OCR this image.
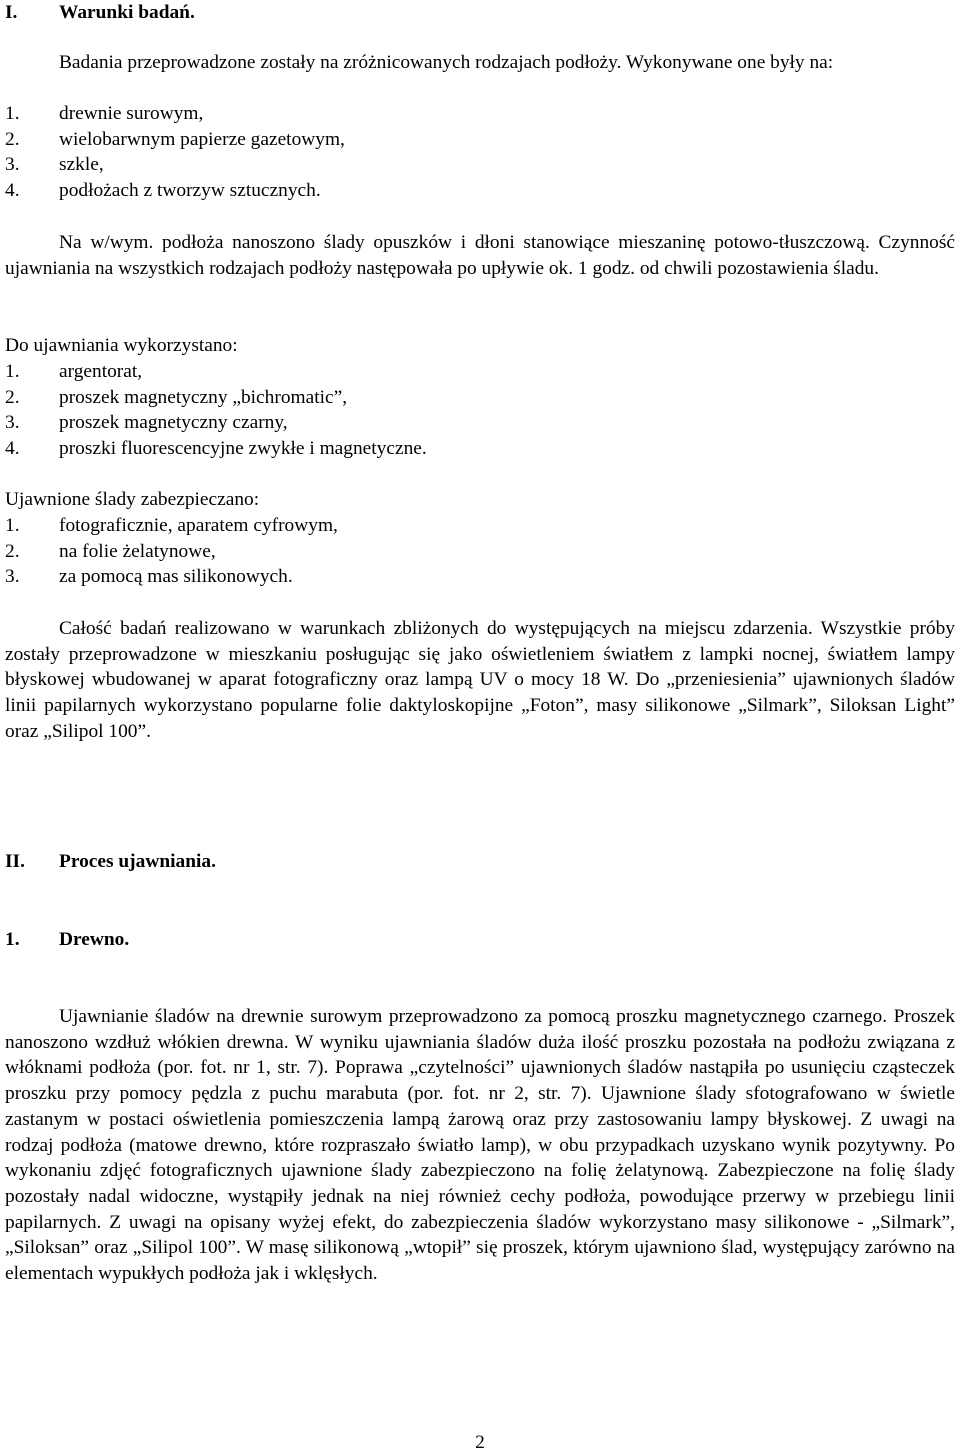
I. Warunki badań.

Badania przeprowadzone zostały na zróżnicowanych rodzajach podłoży. Wykonywane one były na:

1. drewnie surowym,
2. wielobarwnym papierze gazetowym,
3. szkle,
4. podłożach z tworzyw sztucznych.

Na w/wym. podłoża nanoszono ślady opuszków i dłoni stanowiące mieszaninę potowo-tłuszczową. Czynność ujawniania na wszystkich rodzajach podłoży następowała po upływie ok. 1 godz. od chwili pozostawienia śladu.

Do ujawniania wykorzystano:

1. argentorat,
2. proszek magnetyczny „bichromatic”,
3. proszek magnetyczny czarny,
4. proszki fluorescencyjne zwykłe i magnetyczne.

Ujawnione ślady zabezpieczano:

1. fotograficznie, aparatem cyfrowym,
2. na folie żelatynowe,
3. za pomocą mas silikonowych.

Całość badań realizowano w warunkach zbliżonych do występujących na miejscu zdarzenia. Wszystkie próby zostały przeprowadzone w mieszkaniu posługując się jako oświetleniem światłem z lampki nocnej, światłem lampy błyskowej wbudowanej w aparat fotograficzny oraz lampą UV o mocy 18 W. Do „przeniesienia” ujawnionych śladów linii papilarnych wykorzystano popularne folie daktyloskopijne „Foton”, masy silikonowe „Silmark”, Siloksan Light” oraz „Silipol 100”.

II. Proces ujawniania.
1. Drewno.

Ujawnianie śladów na drewnie surowym przeprowadzono za pomocą proszku magnetycznego czarnego. Proszek nanoszono wzdłuż włókien drewna. W wyniku ujawniania śladów duża ilość proszku pozostała na podłożu związana z włóknami podłoża (por. fot. nr 1, str. 7). Poprawa „czytelności” ujawnionych śladów nastąpiła po usunięciu cząsteczek proszku przy pomocy pędzla z puchu marabuta (por. fot. nr 2, str. 7). Ujawnione ślady sfotografowano w świetle zastanym w postaci oświetlenia pomieszczenia lampą żarową oraz przy zastosowaniu lampy błyskowej. Z uwagi na rodzaj podłoża (matowe drewno, które rozpraszało światło lamp), w obu przypadkach uzyskano wynik pozytywny. Po wykonaniu zdjęć fotograficznych ujawnione ślady zabezpieczono na folię żelatynową. Zabezpieczone na folię ślady pozostały nadal widoczne, wystąpiły jednak na niej również cechy podłoża, powodujące przerwy w przebiegu linii papilarnych. Z uwagi na opisany wyżej efekt, do zabezpieczenia śladów wykorzystano masy silikonowe - „Silmark”, „Siloksan” oraz „Silipol 100”. W masę silikonową „wtopił” się proszek, którym ujawniono ślad, występujący zarówno na elementach wypukłych podłoża jak i wklęsłych.

2
